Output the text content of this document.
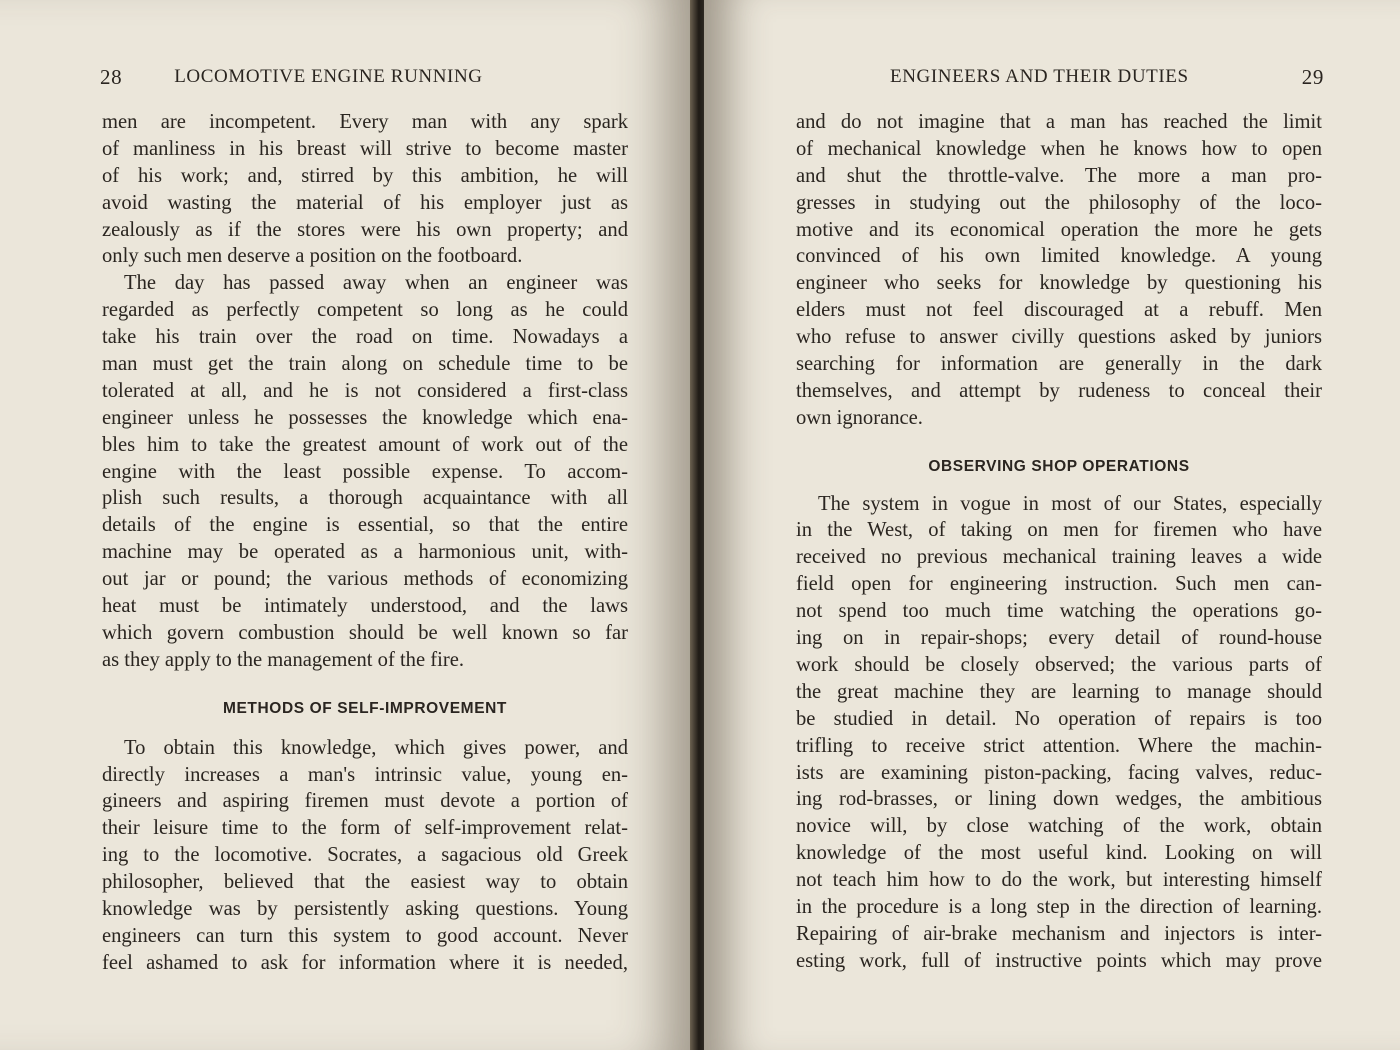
28	LOCOMOTIVE ENGINE RUNNING
men are incompetent. Every man with any spark
of manliness in his breast will strive to become master
of his work; and, stirred by this ambition, he will
avoid wasting the material of his employer just as
zealously as if the stores were his own property; and
only such men deserve a position on the footboard.
The day has passed away when an engineer was
regarded as perfectly competent so long as he could
take his train over the road on time. Nowadays a
man must get the train along on schedule time to be
tolerated at all, and he is not considered a first-class
engineer unless he possesses the knowledge which ena-
bles him to take the greatest amount of work out of the
engine with the least possible expense. To accom-
plish such results, a thorough acquaintance with all
details of the engine is essential, so that the entire
machine may be operated as a harmonious unit, with-
out jar or pound; the various methods of economizing
heat must be intimately understood, and the laws
which govern combustion should be well known so far
as they apply to the management of the fire.
METHODS OF SELF-IMPROVEMENT
To obtain this knowledge, which gives power, and
directly increases a man's intrinsic value, young en-
gineers and aspiring firemen must devote a portion of
their leisure time to the form of self-improvement relat-
ing to the locomotive. Socrates, a sagacious old Greek
philosopher, believed that the easiest way to obtain
knowledge was by persistently asking questions. Young
engineers can turn this system to good account. Never
feel ashamed to ask for information where it is needed,
ENGINEERS AND THEIR DUTIES	29
and do not imagine that a man has reached the limit
of mechanical knowledge when he knows how to open
and shut the throttle-valve. The more a man pro-
gresses in studying out the philosophy of the loco-
motive and its economical operation the more he gets
convinced of his own limited knowledge. A young
engineer who seeks for knowledge by questioning his
elders must not feel discouraged at a rebuff. Men
who refuse to answer civilly questions asked by juniors
searching for information are generally in the dark
themselves, and attempt by rudeness to conceal their
own ignorance.
OBSERVING SHOP OPERATIONS
The system in vogue in most of our States, especially
in the West, of taking on men for firemen who have
received no previous mechanical training leaves a wide
field open for engineering instruction. Such men can-
not spend too much time watching the operations go-
ing on in repair-shops; every detail of round-house
work should be closely observed; the various parts of
the great machine they are learning to manage should
be studied in detail. No operation of repairs is too
trifling to receive strict attention. Where the machin-
ists are examining piston-packing, facing valves, reduc-
ing rod-brasses, or lining down wedges, the ambitious
novice will, by close watching of the work, obtain
knowledge of the most useful kind. Looking on will
not teach him how to do the work, but interesting himself
in the procedure is a long step in the direction of learning.
Repairing of air-brake mechanism and injectors is inter-
esting work, full of instructive points which may prove
